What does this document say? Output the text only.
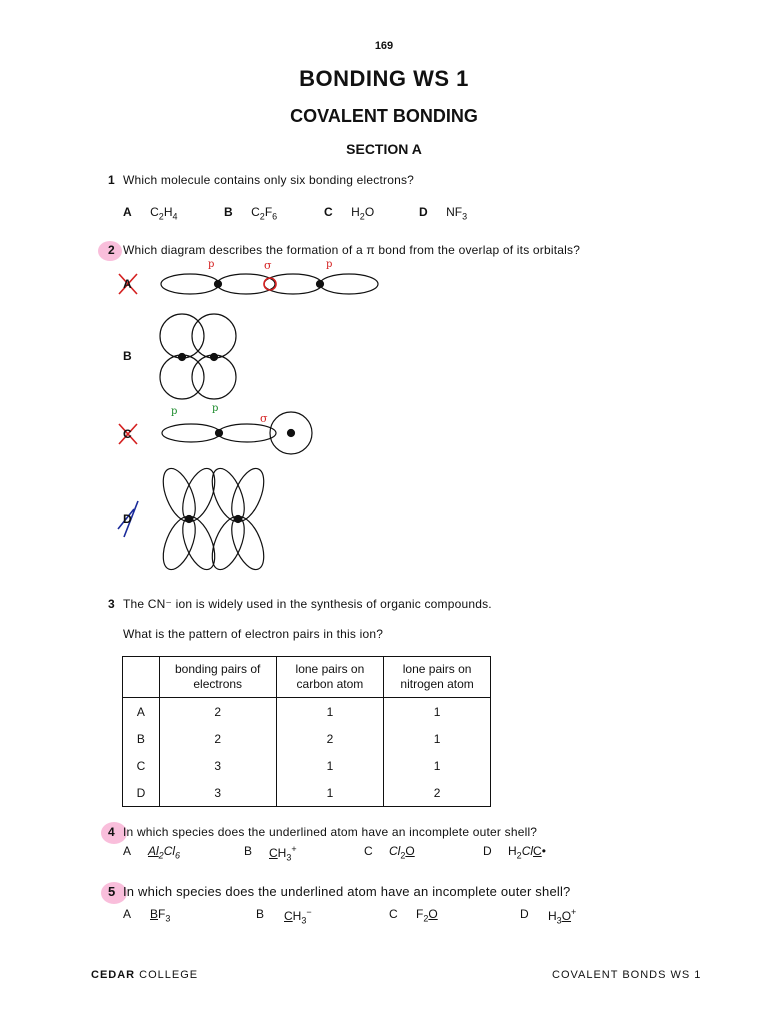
169
BONDING WS 1
COVALENT BONDING
SECTION A
1 Which molecule contains only six bonding electrons?
A $C_2H_4$	B $C_2F_6$	C $H_2O$	D $NF_3$
2 Which diagram describes the formation of a π bond from the overlap of its orbitals?
A
B
C
D
p	σ	p
p	p
σ
3 The CN⁻ ion is widely used in the synthesis of organic compounds.
What is the pattern of electron pairs in this ion?
	bonding pairs of electrons	lone pairs on carbon atom	lone pairs on nitrogen atom
A	2	1	1
B	2	2	1
C	3	1	1
D	3	1	2
4 In which species does the underlined atom have an incomplete outer shell?
A $Al_2Cl_6$	B $CH_3^+$	C $Cl_2O$	D $H_2ClC•$
5 In which species does the underlined atom have an incomplete outer shell?
A $BF_3$	B $CH_3^-$	C $F_2O$	D $H_3O^+$
CEDAR COLLEGE	COVALENT BONDS WS 1
